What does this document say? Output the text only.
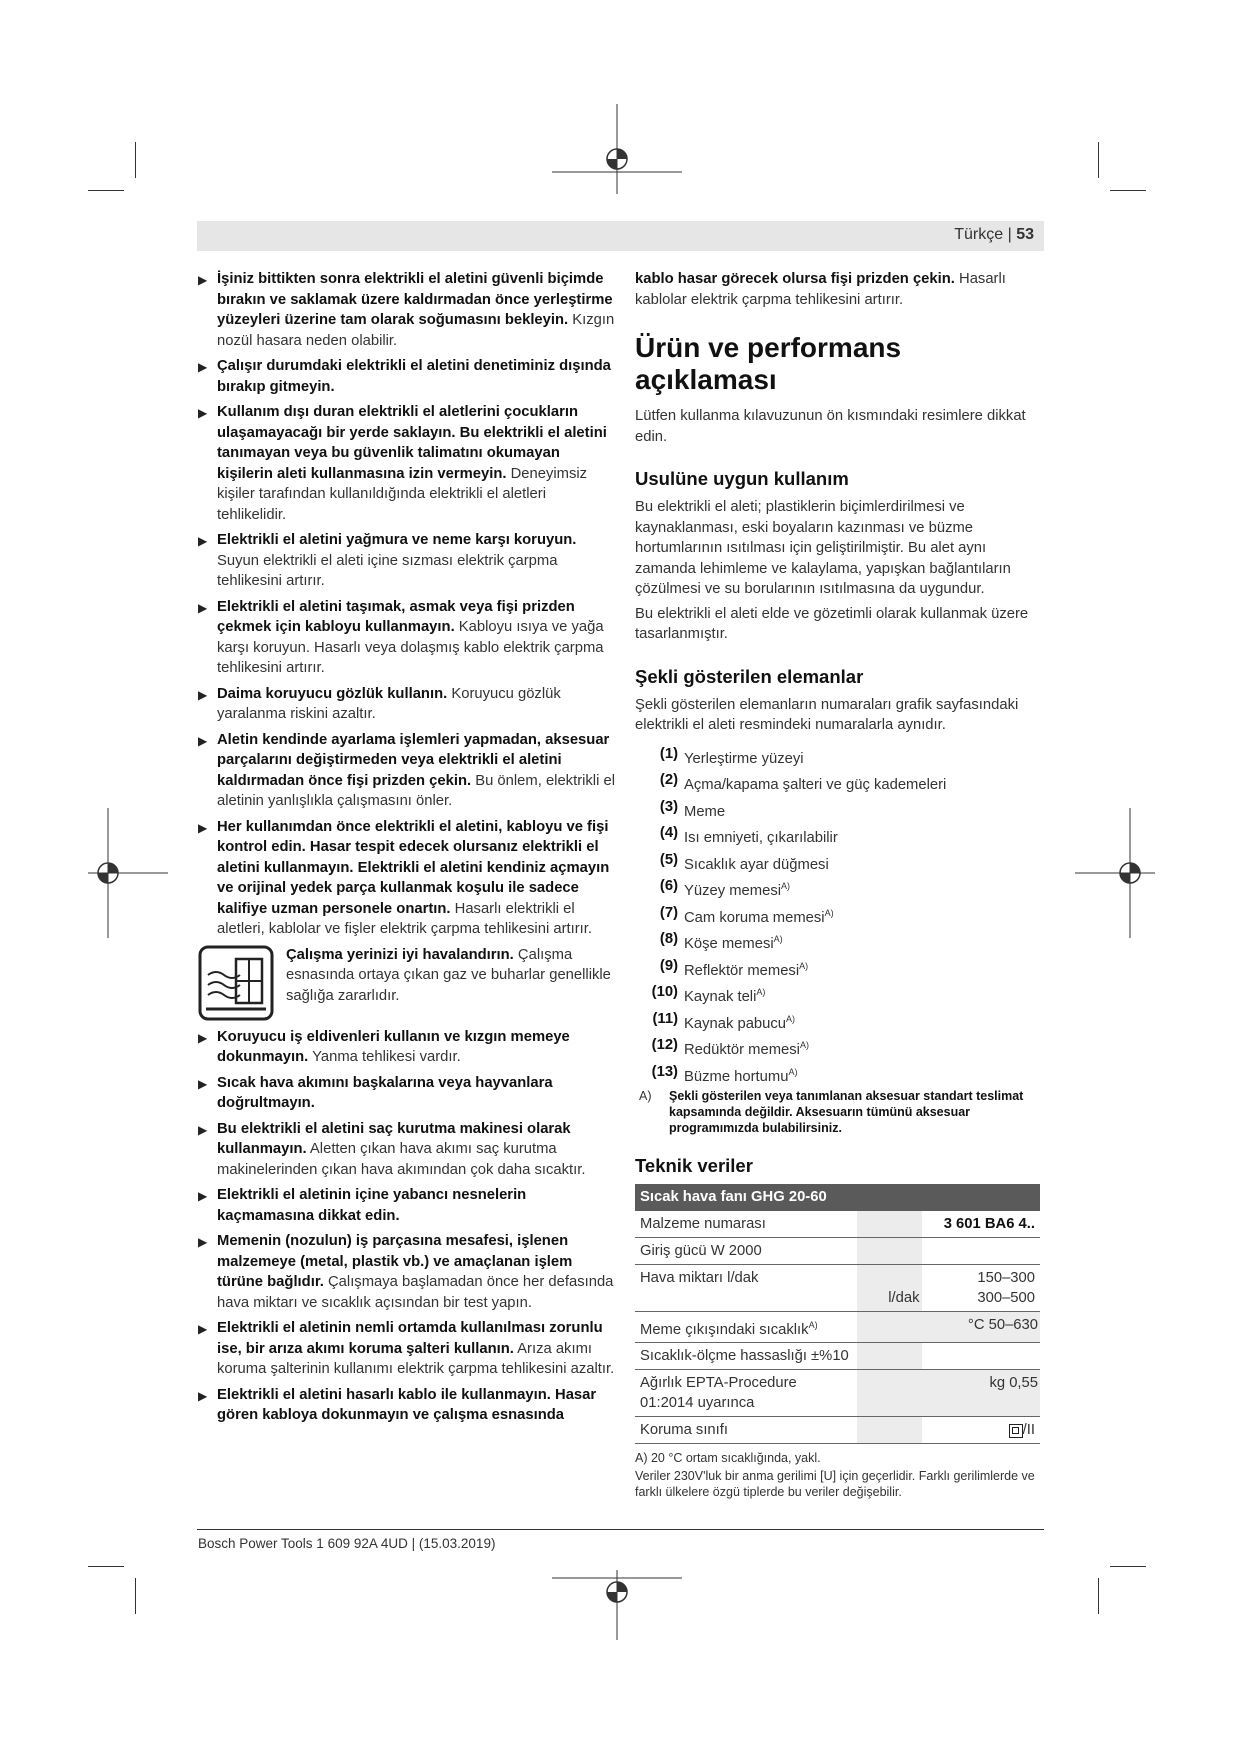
Türkçe | 53
▶ İşiniz bittikten sonra elektrikli el aletini güvenli biçimde bırakın ve saklamak üzere kaldırmadan önce yerleştirme yüzeyleri üzerine tam olarak soğumasını bekleyin. Kızgın nozül hasara neden olabilir.
▶ Çalışır durumdaki elektrikli el aletini denetiminiz dışında bırakıp gitmeyin.
▶ Kullanım dışı duran elektrikli el aletlerini çocukların ulaşamayacağı bir yerde saklayın. Bu elektrikli el aletini tanımayan veya bu güvenlik talimatını okumayan kişilerin aleti kullanmasına izin vermeyin. Deneyimsiz kişiler tarafından kullanıldığında elektrikli el aletleri tehlikelidir.
▶ Elektrikli el aletini yağmura ve neme karşı koruyun. Suyun elektrikli el aleti içine sızması elektrik çarpma tehlikesini artırır.
▶ Elektrikli el aletini taşımak, asmak veya fişi prizden çekmek için kabloyu kullanmayın. Kabloyu ısıya ve yağa karşı koruyun. Hasarlı veya dolaşmış kablo elektrik çarpma tehlikesini artırır.
▶ Daima koruyucu gözlük kullanın. Koruyucu gözlük yaralanma riskini azaltır.
▶ Aletin kendinde ayarlama işlemleri yapmadan, aksesuar parçalarını değiştirmeden veya elektrikli el aletini kaldırmadan önce fişi prizden çekin. Bu önlem, elektrikli el aletinin yanlışlıkla çalışmasını önler.
▶ Her kullanımdan önce elektrikli el aletini, kabloyu ve fişi kontrol edin. Hasar tespit edecek olursanız elektrikli el aletini kullanmayın. Elektrikli el aletini kendiniz açmayın ve orijinal yedek parça kullanmak koşulu ile sadece kalifiye uzman personele onartın. Hasarlı elektrikli el aletleri, kablolar ve fişler elektrik çarpma tehlikesini artırır.
Çalışma yerinizi iyi havalandırın. Çalışma esnasında ortaya çıkan gaz ve buharlar genellikle sağlığa zararlıdır.
▶ Koruyucu iş eldivenleri kullanın ve kızgın memeye dokunmayın. Yanma tehlikesi vardır.
▶ Sıcak hava akımını başkalarına veya hayvanlara doğrultmayın.
▶ Bu elektrikli el aletini saç kurutma makinesi olarak kullanmayın. Aletten çıkan hava akımı saç kurutma makinelerinden çıkan hava akımından çok daha sıcaktır.
▶ Elektrikli el aletinin içine yabancı nesnelerin kaçmamasına dikkat edin.
▶ Memenin (nozulun) iş parçasına mesafesi, işlenen malzemeye (metal, plastik vb.) ve amaçlanan işlem türüne bağlıdır. Çalışmaya başlamadan önce her defasında hava miktarı ve sıcaklık açısından bir test yapın.
▶ Elektrikli el aletinin nemli ortamda kullanılması zorunlu ise, bir arıza akımı koruma şalteri kullanın. Arıza akımı koruma şalterinin kullanımı elektrik çarpma tehlikesini azaltır.
▶ Elektrikli el aletini hasarlı kablo ile kullanmayın. Hasar gören kabloya dokunmayın ve çalışma esnasında
kablo hasar görecek olursa fişi prizden çekin. Hasarlı kablolar elektrik çarpma tehlikesini artırır.
Ürün ve performans açıklaması

Lütfen kullanma kılavuzunun ön kısmındaki resimlere dikkat edin.

Usulüne uygun kullanım

Bu elektrikli el aleti; plastiklerin biçimlerdirilmesi ve kaynaklanması, eski boyaların kazınması ve büzme hortumlarının ısıtılması için geliştirilmiştir. Bu alet aynı zamanda lehimleme ve kalaylama, yapışkan bağlantıların çözülmesi ve su borularının ısıtılmasına da uygundur.

Bu elektrikli el aleti elde ve gözetimli olarak kullanmak üzere tasarlanmıştır.

Şekli gösterilen elemanlar

Şekli gösterilen elemanların numaraları grafik sayfasındaki elektrikli el aleti resmindeki numaralarla aynıdır.

(1) Yerleştirme yüzeyi
(2) Açma/kapama şalteri ve güç kademeleri
(3) Meme
(4) Isı emniyeti, çıkarılabilir
(5) Sıcaklık ayar düğmesi
(6) Yüzey memesi$^{A)}$
(7) Cam koruma memesi$^{A)}$
(8) Köşe memesi$^{A)}$
(9) Reflektör memesi$^{A)}$
(10) Kaynak teli$^{A)}$
(11) Kaynak pabucu$^{A)}$
(12) Redüktör memesi$^{A)}$
(13) Büzme hortumu$^{A)}$
A)	Şekli gösterilen veya tanımlanan aksesuar standart teslimat kapsamında değildir. Aksesuarın tümünü aksesuar programımızda bulabilirsiniz.
Teknik veriler
Sıcak hava fanı GHG 20-60		
Malzeme numarası		3 601 BA6 4..
Giriş gücü W 2000		
Hava miktarı l/dak	l/dak	150–300
300–500
Meme çıkışındaki sıcaklık$^{A)}$	°C 50–630	
Sıcaklık-ölçme hassaslığı ±%10		
Ağırlık EPTA-Procedure 01:2014 uyarınca	kg 0,55	
Koruma sınıfı		/II
A) 20 °C ortam sıcaklığında, yakl.
Veriler 230V'luk bir anma gerilimi [U] için geçerlidir. Farklı gerilimlerde ve farklı ülkelere özgü tiplerde bu veriler değişebilir.
Bosch Power Tools 1 609 92A 4UD | (15.03.2019)
